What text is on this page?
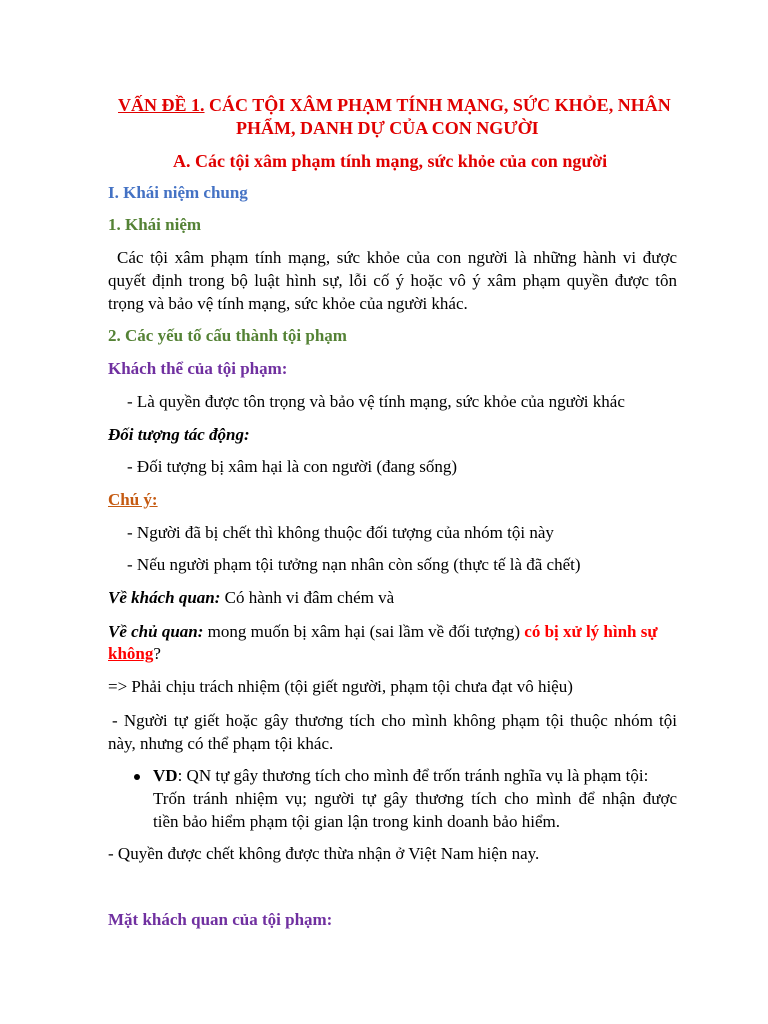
VẤN ĐỀ 1. CÁC TỘI XÂM PHẠM TÍNH MẠNG, SỨC KHỎE, NHÂN
PHẨM, DANH DỰ CỦA CON NGƯỜI
A. Các tội xâm phạm tính mạng, sức khỏe của con người
I. Khái niệm chung
1. Khái niệm
Các tội xâm phạm tính mạng, sức khỏe của con người là những hành vi được
quyết định trong bộ luật hình sự, lỗi cố ý hoặc vô ý xâm phạm quyền được tôn
trọng và bảo vệ tính mạng, sức khỏe của người khác.
2. Các yếu tố cấu thành tội phạm
Khách thể của tội phạm:
- Là quyền được tôn trọng và bảo vệ tính mạng, sức khỏe của người khác
Đối tượng tác động:
- Đối tượng bị xâm hại là con người (đang sống)
Chú ý:
- Người đã bị chết thì không thuộc đối tượng của nhóm tội này
- Nếu người phạm tội tưởng nạn nhân còn sống (thực tế là đã chết)
Về khách quan: Có hành vi đâm chém và
Về chủ quan: mong muốn bị xâm hại (sai lầm về đối tượng) có bị xử lý hình sự
không?
=> Phải chịu trách nhiệm (tội giết người, phạm tội chưa đạt vô hiệu)
- Người tự giết hoặc gây thương tích cho mình không phạm tội thuộc nhóm tội
này, nhưng có thể phạm tội khác.
VD: QN tự gây thương tích cho mình để trốn tránh nghĩa vụ là phạm tội:
Trốn tránh nhiệm vụ; người tự gây thương tích cho mình để nhận được
tiền bảo hiểm phạm tội gian lận trong kinh doanh bảo hiểm.
- Quyền được chết không được thừa nhận ở Việt Nam hiện nay.
Mặt khách quan của tội phạm:
